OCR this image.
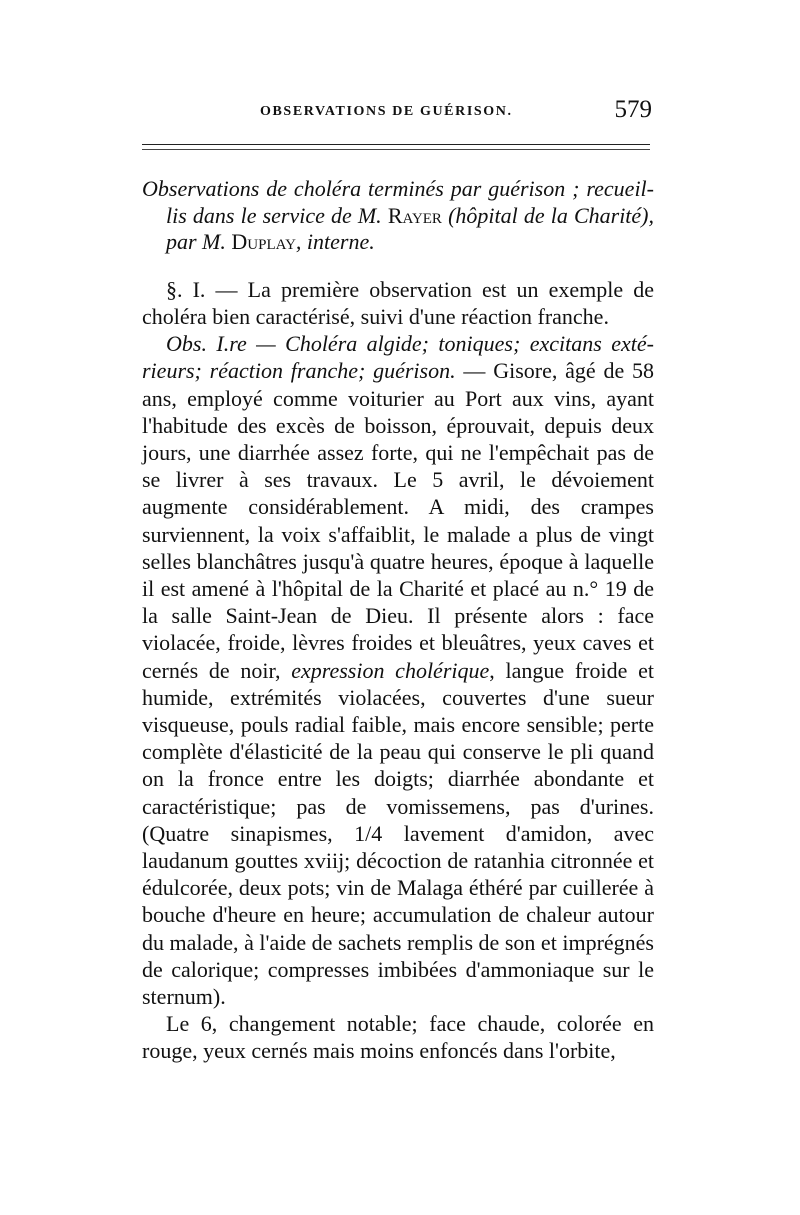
OBSERVATIONS DE GUÉRISON.	579

Observations de choléra terminés par guérison ; recueil-lis dans le service de M. Rayer (hôpital de la Charité), par M. Duplay, interne.

§. I. — La première observation est un exemple de choléra bien caractérisé, suivi d'une réaction franche.

Obs. I.re — Choléra algide; toniques; excitans exté-rieurs; réaction franche; guérison. — Gisore, âgé de 58 ans, employé comme voiturier au Port aux vins, ayant l'habitude des excès de boisson, éprouvait, depuis deux jours, une diarrhée assez forte, qui ne l'empêchait pas de se livrer à ses travaux. Le 5 avril, le dévoiement augmente considérablement. A midi, des crampes surviennent, la voix s'affaiblit, le malade a plus de vingt selles blanchâtres jusqu'à quatre heures, époque à laquelle il est amené à l'hôpital de la Charité et placé au n.° 19 de la salle Saint-Jean de Dieu. Il présente alors : face violacée, froide, lèvres froides et bleuâtres, yeux caves et cernés de noir, expression cholérique, langue froide et humide, extrémités violacées, couvertes d'une sueur visqueuse, pouls radial faible, mais encore sensible; perte complète d'élasticité de la peau qui conserve le pli quand on la fronce entre les doigts; diarrhée abondante et caractéristique; pas de vomissemens, pas d'urines. (Quatre sinapismes, 1/4 lavement d'amidon, avec laudanum gouttes xviij; décoction de ratanhia citronnée et édulcorée, deux pots; vin de Malaga éthéré par cuillerée à bouche d'heure en heure; accumulation de chaleur autour du malade, à l'aide de sachets remplis de son et imprégnés de calorique; compresses imbibées d'ammoniaque sur le sternum).

Le 6, changement notable; face chaude, colorée en rouge, yeux cernés mais moins enfoncés dans l'orbite,
